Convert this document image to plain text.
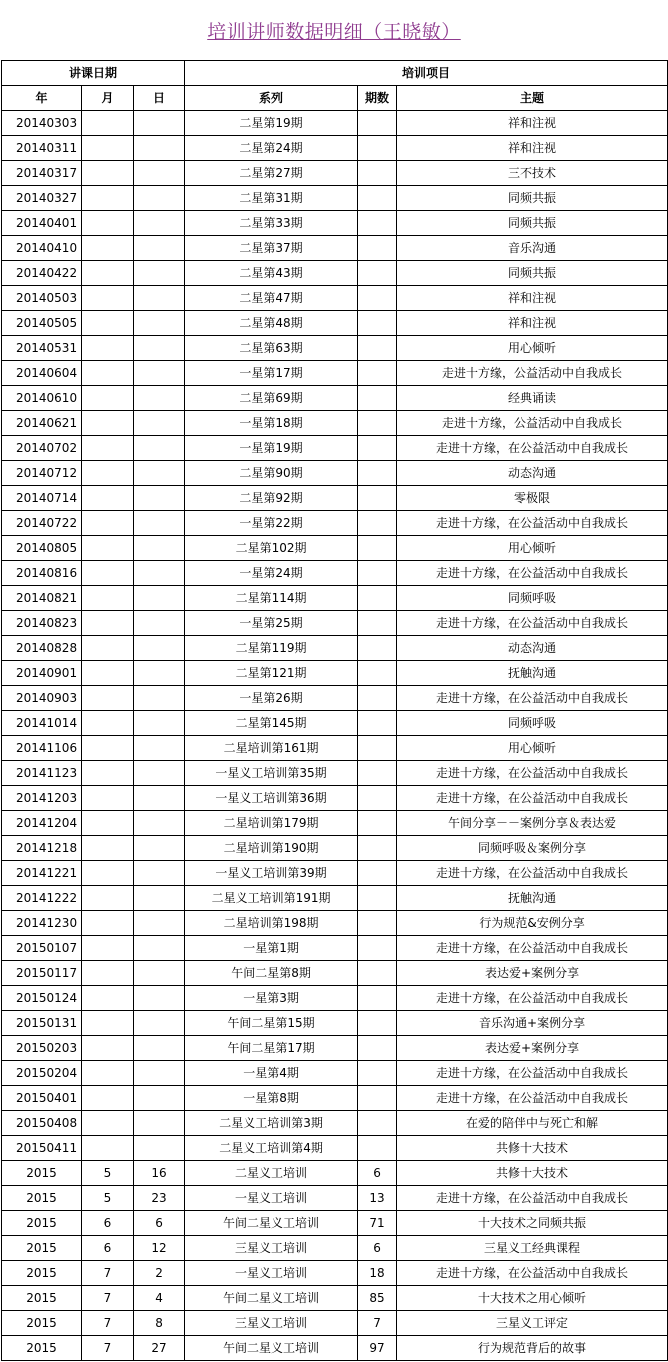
培训讲师数据明细（王晓敏）
讲课日期			培训项目		
年	月	日	系列	期数	主题
20140303			二星第19期		祥和注视
20140311			二星第24期		祥和注视
20140317			二星第27期		三不技术
20140327			二星第31期		同频共振
20140401			二星第33期		同频共振
20140410			二星第37期		音乐沟通
20140422			二星第43期		同频共振
20140503			二星第47期		祥和注视
20140505			二星第48期		祥和注视
20140531			二星第63期		用心倾听
20140604			一星第17期		走进十方缘，公益活动中自我成长
20140610			二星第69期		经典诵读
20140621			一星第18期		走进十方缘，公益活动中自我成长
20140702			一星第19期		走进十方缘，在公益活动中自我成长
20140712			二星第90期		动态沟通
20140714			二星第92期		零极限
20140722			一星第22期		走进十方缘，在公益活动中自我成长
20140805			二星第102期		用心倾听
20140816			一星第24期		走进十方缘，在公益活动中自我成长
20140821			二星第114期		同频呼吸
20140823			一星第25期		走进十方缘，在公益活动中自我成长
20140828			二星第119期		动态沟通
20140901			二星第121期		抚触沟通
20140903			一星第26期		走进十方缘，在公益活动中自我成长
20141014			二星第145期		同频呼吸
20141106			二星培训第161期		用心倾听
20141123			一星义工培训第35期		走进十方缘，在公益活动中自我成长
20141203			一星义工培训第36期		走进十方缘，在公益活动中自我成长
20141204			二星培训第179期		午间分享－－案例分享＆表达爱
20141218			二星培训第190期		同频呼吸＆案例分享
20141221			一星义工培训第39期		走进十方缘，在公益活动中自我成长
20141222			二星义工培训第191期		抚触沟通
20141230			二星培训第198期		行为规范&安例分享
20150107			一星第1期		走进十方缘，在公益活动中自我成长
20150117			午间二星第8期		表达爱+案例分享
20150124			一星第3期		走进十方缘，在公益活动中自我成长
20150131			午间二星第15期		音乐沟通+案例分享
20150203			午间二星第17期		表达爱+案例分享
20150204			一星第4期		走进十方缘，在公益活动中自我成长
20150401			一星第8期		走进十方缘，在公益活动中自我成长
20150408			二星义工培训第3期		在爱的陪伴中与死亡和解
20150411			二星义工培训第4期		共修十大技术
2015	5	16	二星义工培训	6	共修十大技术
2015	5	23	一星义工培训	13	走进十方缘，在公益活动中自我成长
2015	6	6	午间二星义工培训	71	十大技术之同频共振
2015	6	12	三星义工培训	6	三星义工经典课程
2015	7	2	一星义工培训	18	走进十方缘，在公益活动中自我成长
2015	7	4	午间二星义工培训	85	十大技术之用心倾听
2015	7	8	三星义工培训	7	三星义工评定
2015	7	27	午间二星义工培训	97	行为规范背后的故事
